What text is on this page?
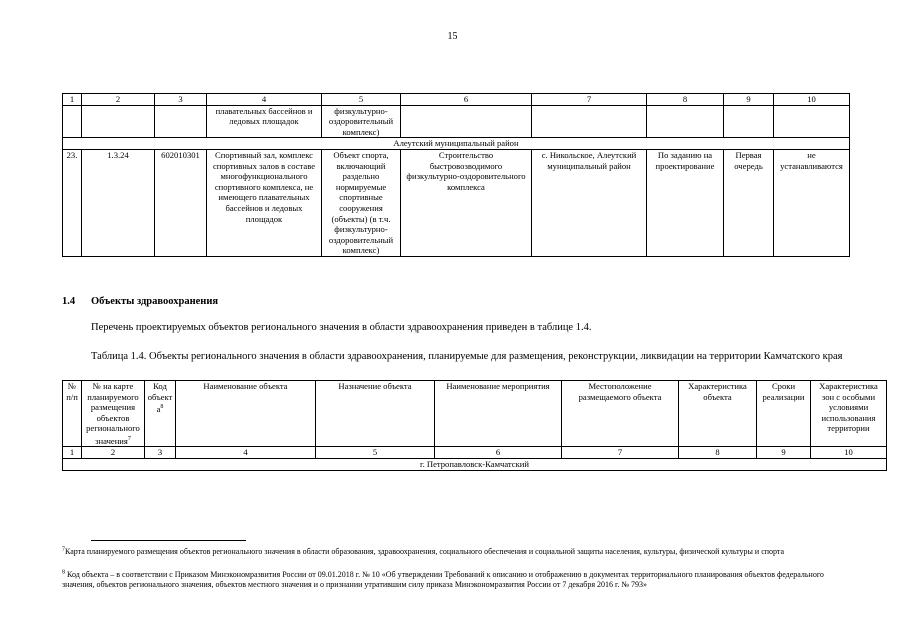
15
1	2	3	4	5	6	7	8	9	10
			плавательных бассейнов и ледовых площадок	физкультурно-оздоровительный комплекс)					
Алеутский муниципальный район									
23.	1.3.24	602010301	Спортивный зал, комплекс спортивных залов в составе многофункционального спортивного комплекса, не имеющего плавательных бассейнов и ледовых площадок	Объект спорта, включающий раздельно нормируемые спортивные сооружения (объекты) (в т.ч. физкультурно-оздоровительный комплекс)	Строительство быстровозводимого физкультурно-оздоровительного комплекса	с. Никольское, Алеутский муниципальный район	По заданию на проектирование	Первая очередь	не устанавливаются
1.4 Объекты здравоохранения
Перечень проектируемых объектов регионального значения в области здравоохранения приведен в таблице 1.4.
Таблица 1.4. Объекты регионального значения в области здравоохранения, планируемые для размещения, реконструкции, ликвидации на территории Камчатского края
№ п/п	№ на карте планируемого размещения объектов регионального значения$^7$	Код объекта$^8$	Наименование объекта	Назначение объекта	Наименование мероприятия	Местоположение размещаемого объекта	Характеристика объекта	Сроки реализации	Характеристика зон с особыми условиями использования территории
1	2	3	4	5	6	7	8	9	10
г. Петропавловск-Камчатский									
$^7$Карта планируемого размещения объектов регионального значения в области образования, здравоохранения, социального обеспечения и социальной защиты населения, культуры, физической культуры и спорта
$^8$ Код объекта – в соответствии с Приказом Минэкономразвития России от 09.01.2018 г. № 10 «Об утверждении Требований к описанию и отображению в документах территориального планирования объектов федерального значения, объектов регионального значения, объектов местного значения и о признании утратившим силу приказа Минэкономразвития России от 7 декабря 2016 г. № 793»
